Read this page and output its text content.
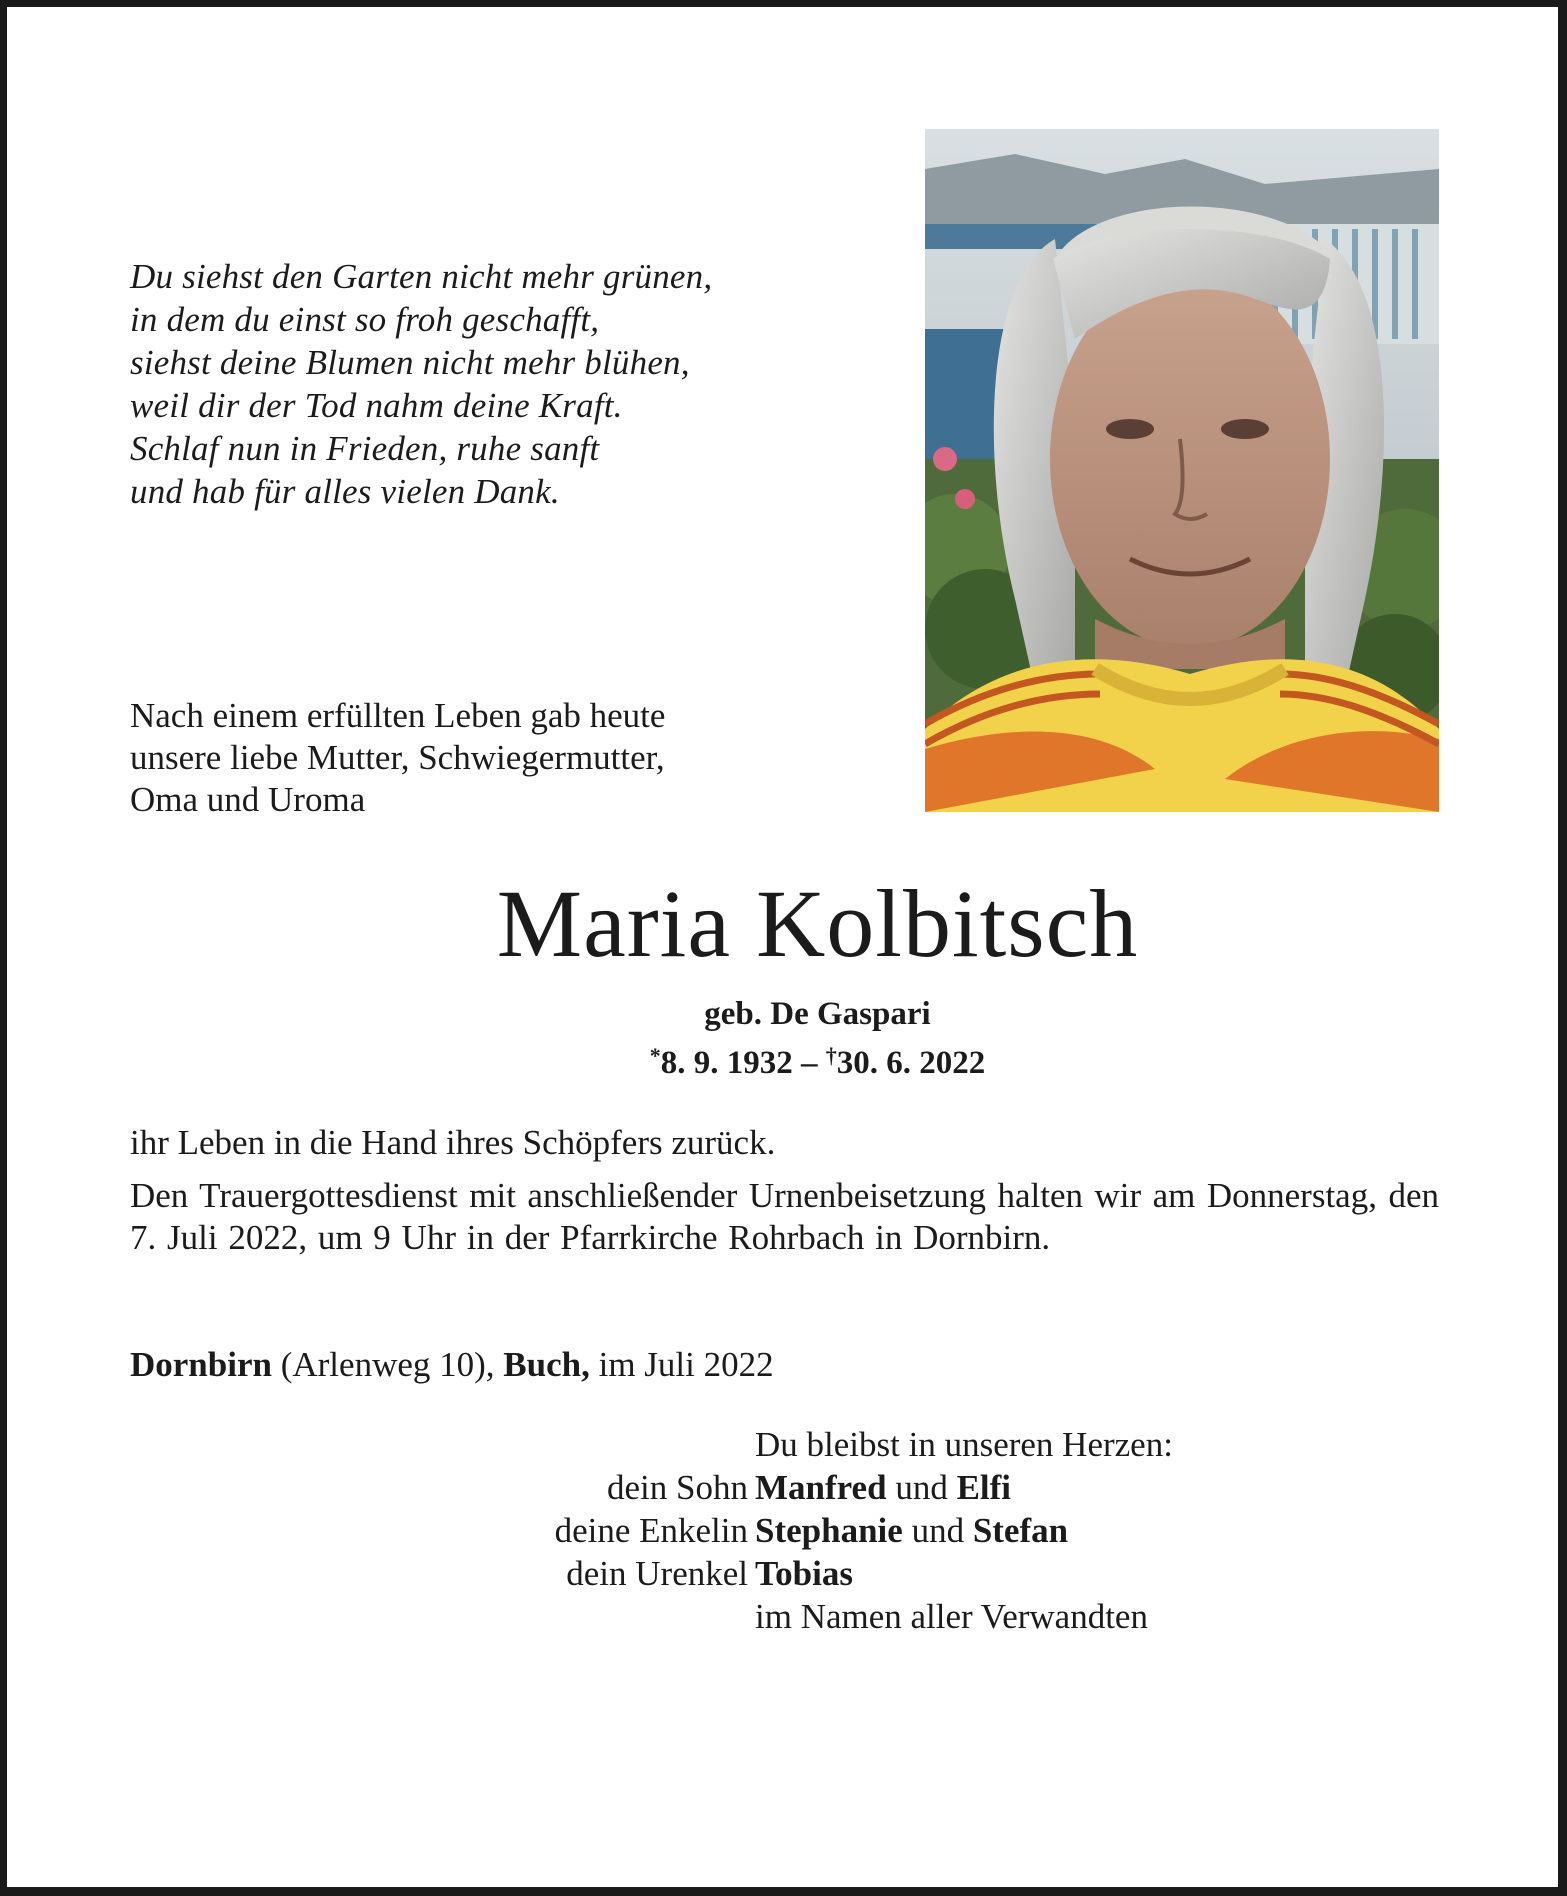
Du siehst den Garten nicht mehr grünen,
in dem du einst so froh geschafft,
siehst deine Blumen nicht mehr blühen,
weil dir der Tod nahm deine Kraft.
Schlaf nun in Frieden, ruhe sanft
und hab für alles vielen Dank.
Nach einem erfüllten Leben gab heute
unsere liebe Mutter, Schwiegermutter,
Oma und Uroma
Maria Kolbitsch
geb. De Gaspari
*8. 9. 1932 – †30. 6. 2022
ihr Leben in die Hand ihres Schöpfers zurück.
Den Trauergottesdienst mit anschließender Urnenbeisetzung halten wir am Donnerstag, den 7. Juli 2022, um 9 Uhr in der Pfarrkirche Rohrbach in Dornbirn.
Dornbirn (Arlenweg 10), Buch, im Juli 2022
dein Sohn
deine Enkelin
dein Urenkel
Du bleibst in unseren Herzen:
Manfred und Elfi
Stephanie und Stefan
Tobias
im Namen aller Verwandten
